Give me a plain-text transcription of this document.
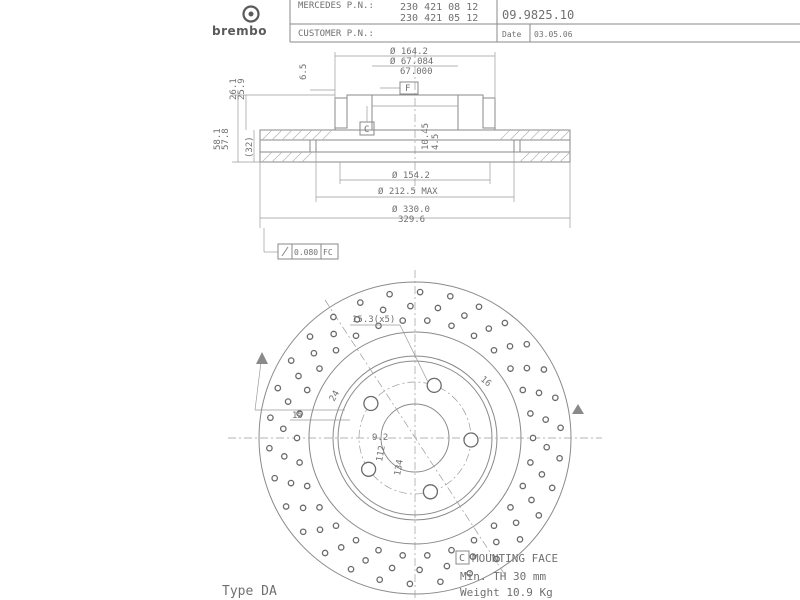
brembo
MERCEDES P.N.:	230 421 08 12
230 421 05 12
CUSTOMER P.N.:
09.9825.10
Date 03.05.06
Ø 164.2
Ø 67.084
67.000
6.5
F
C
26.1
25.9
58.1
57.8 (32)	10.45 4.5
Ø 154.2
Ø 212.5 MAX
Ø 330.0
329.6
0.080 FC
15.3(x5)
15
24
16
9.2
112
134
C MOUNTING FACE
Min. TH 30 mm
Weight 10.9 Kg
Type DA
